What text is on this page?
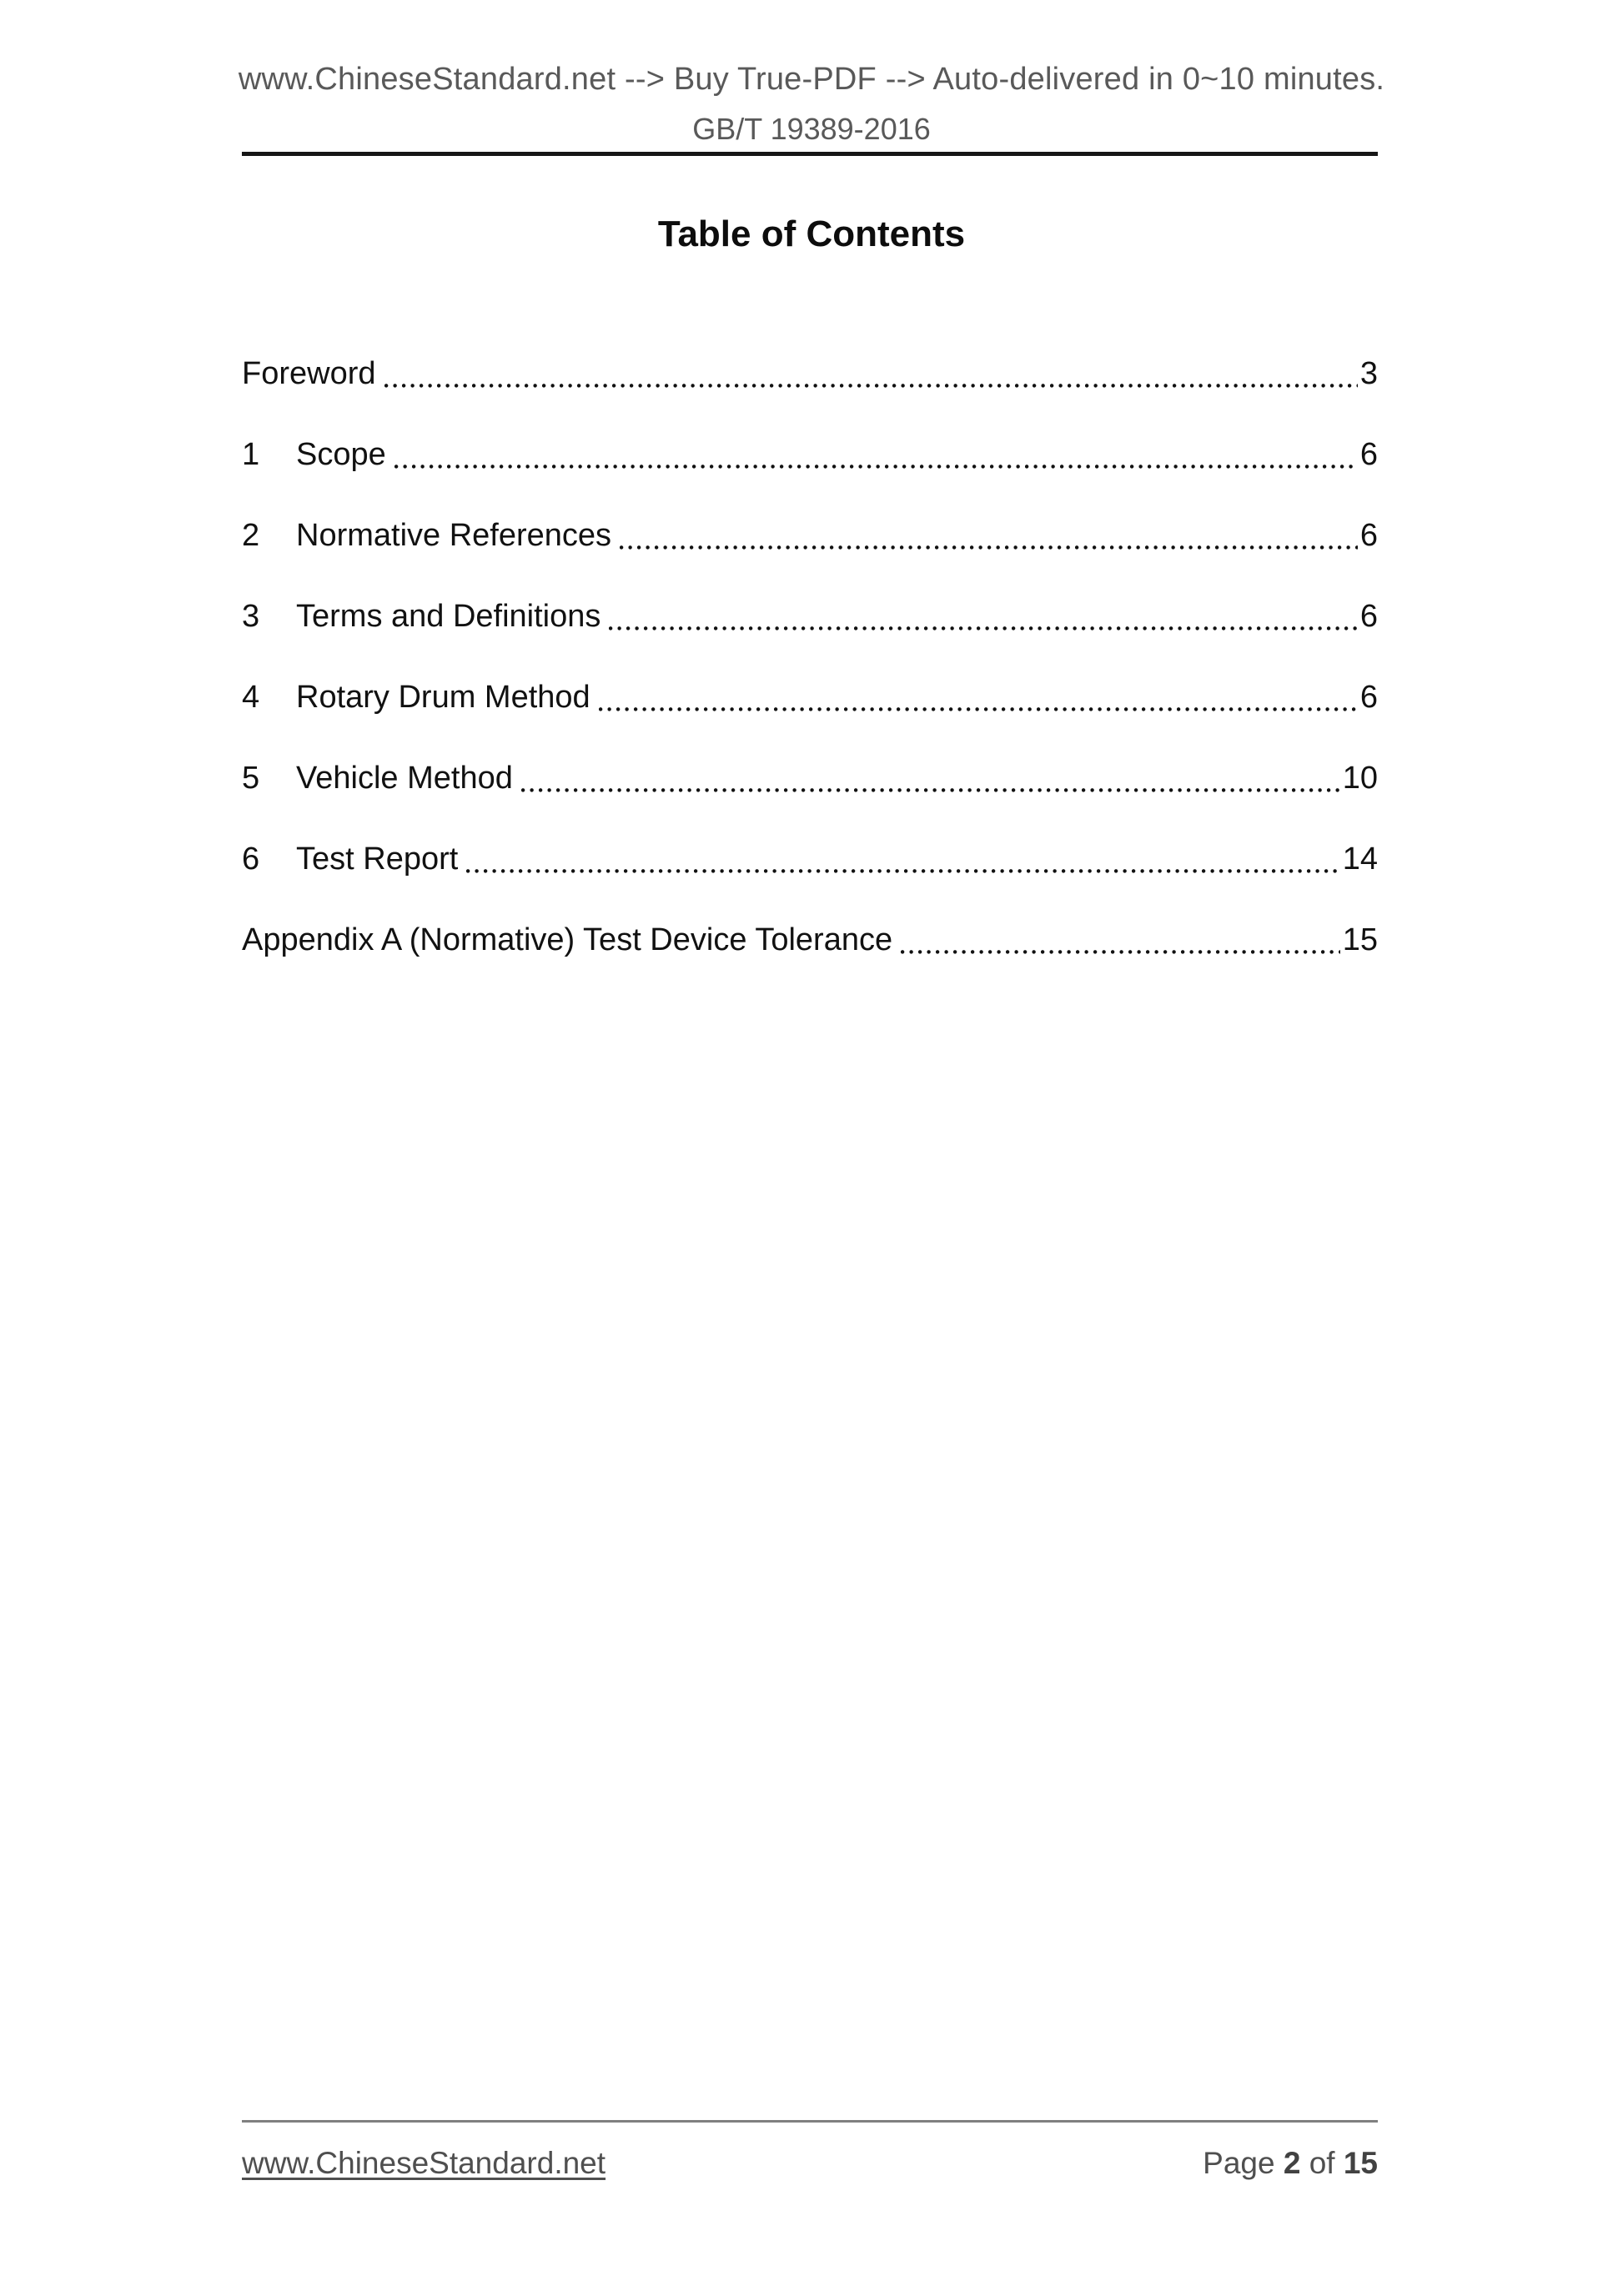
www.ChineseStandard.net --> Buy True-PDF --> Auto-delivered in 0~10 minutes.
GB/T 19389-2016
Table of Contents
Foreword	3
1	Scope	6
2	Normative References	6
3	Terms and Definitions	6
4	Rotary Drum Method	6
5	Vehicle Method	10
6	Test Report	14
Appendix A (Normative) Test Device Tolerance	15
www.ChineseStandard.net	Page 2 of 15
